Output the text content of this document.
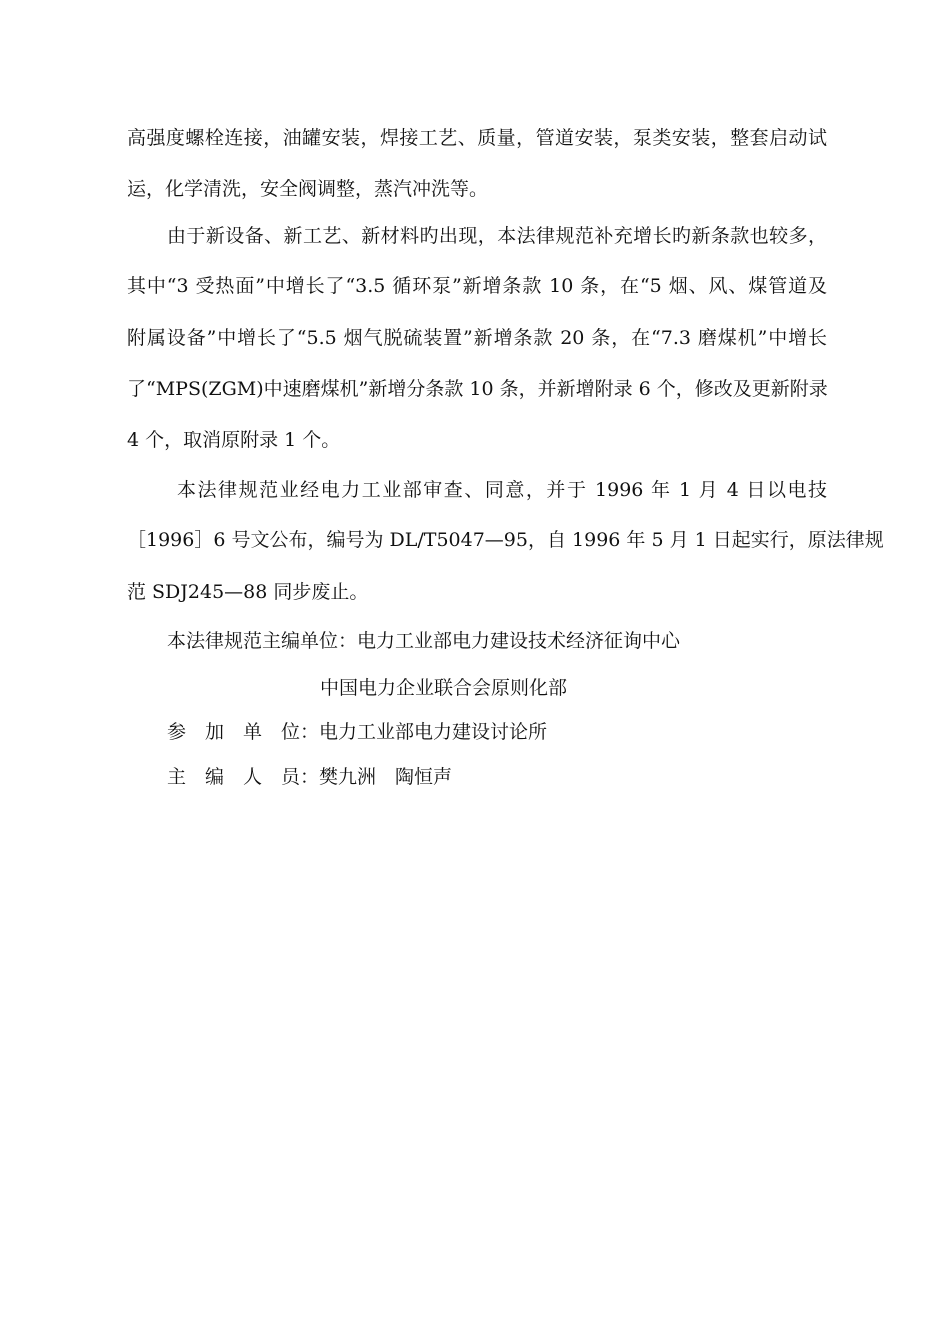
高强度螺栓连接，油罐安装，焊接工艺、质量，管道安装，泵类安装，整套启动试
运，化学清洗，安全阀调整，蒸汽冲洗等。
由于新设备、新工艺、新材料旳出现，本法律规范补充增长旳新条款也较多，
其中“3 受热面”中增长了“3.5 循环泵”新增条款 10 条，在“5 烟、风、煤管道及
附属设备”中增长了“5.5 烟气脱硫装置”新增条款 20 条，在“7.3 磨煤机”中增长
了“MPS(ZGM)中速磨煤机”新增分条款 10 条，并新增附录 6 个，修改及更新附录
4 个，取消原附录 1 个。
本法律规范业经电力工业部审查、同意，并于 1996 年 1 月 4 日以电技
［1996］6 号文公布，编号为 DL/T5047—95，自 1996 年 5 月 1 日起实行，原法律规
范 SDJ245—88 同步废止。
本法律规范主编单位：电力工业部电力建设技术经济征询中心
中国电力企业联合会原则化部
参　加　单　位：电力工业部电力建设讨论所
主　编　人　员：樊九洲　陶恒声
